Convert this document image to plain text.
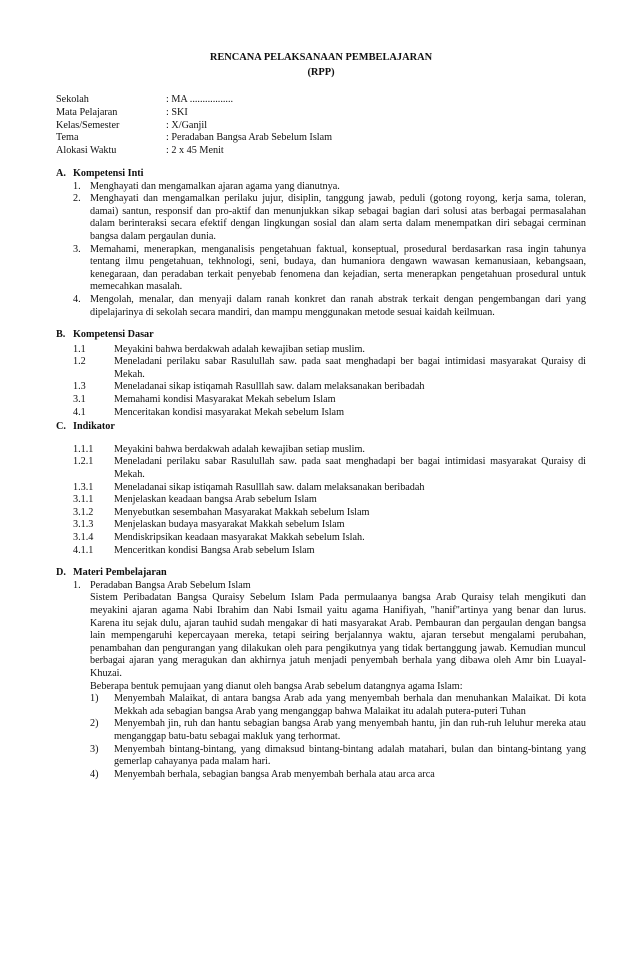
RENCANA PELAKSANAAN PEMBELAJARAN
(RPP)
Sekolah	: MA .................
Mata Pelajaran	: SKI
Kelas/Semester	: X/Ganjil
Tema	: Peradaban Bangsa Arab Sebelum Islam
Alokasi Waktu	: 2 x 45 Menit
A. Kompetensi Inti
1. Menghayati dan mengamalkan ajaran agama yang dianutnya.
2. Menghayati dan mengamalkan perilaku jujur, disiplin, tanggung jawab, peduli (gotong royong, kerja sama, toleran, damai) santun, responsif dan pro-aktif dan menunjukkan sikap sebagai bagian dari solusi atas berbagai permasalahan dalam berinteraksi secara efektif dengan lingkungan sosial dan alam serta dalam menempatkan diri sebagai cerminan bangsa dalam pergaulan dunia.
3. Memahami, menerapkan, menganalisis pengetahuan faktual, konseptual, prosedural berdasarkan rasa ingin tahunya tentang ilmu pengetahuan, tekhnologi, seni, budaya, dan humaniora dengawn wawasan kemanusiaan, kebangsaan, kenegaraan, dan peradaban terkait penyebab fenomena dan kejadian, serta menerapkan pengetahuan prosedural untuk memecahkan masalah.
4. Mengolah, menalar, dan menyaji dalam ranah konkret dan ranah abstrak terkait dengan pengembangan dari yang dipelajarinya di sekolah secara mandiri, dan mampu menggunakan metode sesuai kaidah keilmuan.
B. Kompetensi Dasar
1.1	Meyakini bahwa berdakwah adalah kewajiban setiap muslim.
1.2	Meneladani perilaku sabar Rasulullah saw. pada saat menghadapi ber bagai intimidasi masyarakat Quraisy di Mekah.
1.3	Meneladanai sikap istiqamah Rasulllah saw. dalam melaksanakan beribadah
3.1	Memahami kondisi Masyarakat Mekah sebelum Islam
4.1	Menceritakan kondisi masyarakat Mekah sebelum Islam
C. Indikator
1.1.1	Meyakini bahwa berdakwah adalah kewajiban setiap muslim.
1.2.1	Meneladani perilaku sabar Rasulullah saw. pada saat menghadapi ber bagai intimidasi masyarakat Quraisy di Mekah.
1.3.1	Meneladanai sikap istiqamah Rasulllah saw. dalam melaksanakan beribadah
3.1.1	Menjelaskan keadaan bangsa Arab sebelum Islam
3.1.2	Menyebutkan sesembahan Masyarakat Makkah sebelum Islam
3.1.3	Menjelaskan budaya masyarakat Makkah sebelum Islam
3.1.4	Mendiskripsikan keadaan masyarakat Makkah sebelum Islah.
4.1.1	Menceritkan kondisi Bangsa Arab sebelum Islam
D. Materi Pembelajaran
1. Peradaban Bangsa Arab Sebelum Islam
Sistem Peribadatan Bangsa Quraisy Sebelum Islam Pada permulaanya bangsa Arab Quraisy telah mengikuti dan meyakini ajaran agama Nabi Ibrahim dan Nabi Ismail yaitu agama Hanifiyah, "hanif"artinya yang benar dan lurus. Karena itu sejak dulu, ajaran tauhid sudah mengakar di hati masyarakat Arab. Pembauran dan pergaulan dengan bangsa lain mempengaruhi kepercayaan mereka, tetapi seiring berjalannya waktu, ajaran tersebut mengalami perubahan, penambahan dan pengurangan yang dilakukan oleh para pengikutnya yang tidak bertanggung jawab. Kemudian muncul berbagai ajaran yang meragukan dan akhirnya jatuh menjadi penyembah berhala yang dibawa oleh Amr bin Luayal-Khuzai.
Beberapa bentuk pemujaan yang dianut oleh bangsa Arab sebelum datangnya agama Islam:
1)	Menyembah Malaikat, di antara bangsa Arab ada yang menyembah berhala dan menuhankan Malaikat. Di kota Mekkah ada sebagian bangsa Arab yang menganggap bahwa Malaikat itu adalah putera-puteri Tuhan
2)	Menyembah jin, ruh dan hantu sebagian bangsa Arab yang menyembah hantu, jin dan ruh-ruh leluhur mereka atau menganggap batu-batu sebagai makluk yang terhormat.
3)	Menyembah bintang-bintang, yang dimaksud bintang-bintang adalah matahari, bulan dan bintang-bintang yang gemerlap cahayanya pada malam hari.
4)	Menyembah berhala, sebagian bangsa Arab menyembah berhala atau arca arca
